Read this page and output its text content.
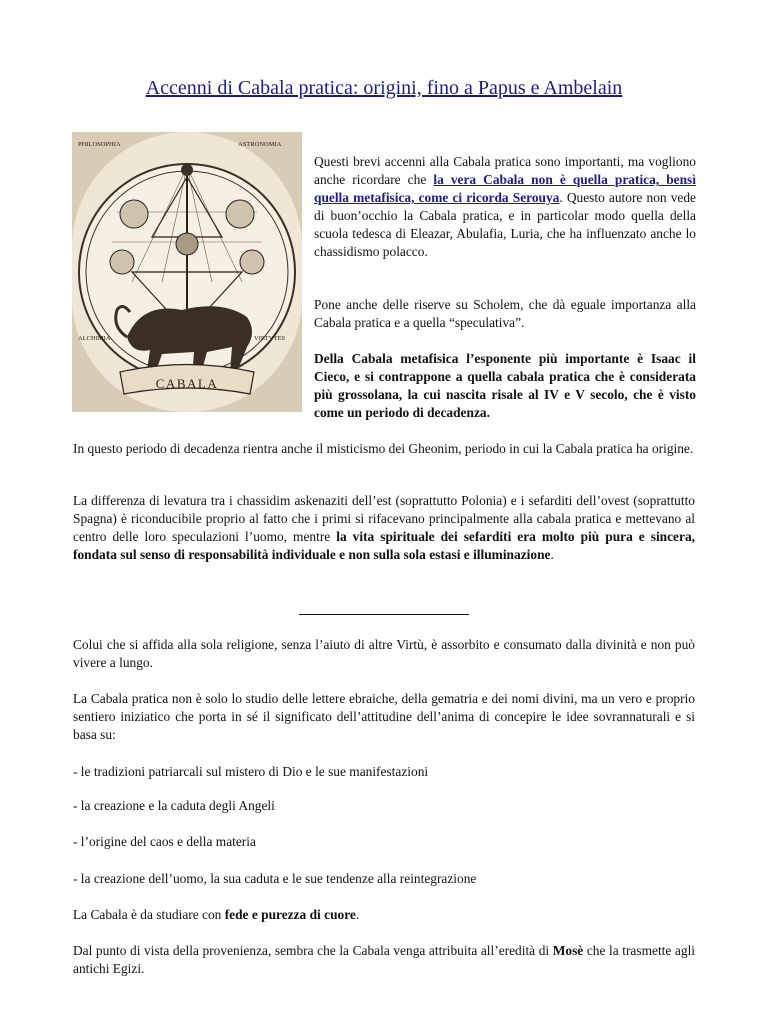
Accenni di Cabala pratica: origini, fino a Papus e Ambelain
PHILOSOPHIA	ASTRONOMIA
ALCHIMIA	VIRTVTES
CABALA

Questi brevi accenni alla Cabala pratica sono importanti, ma vogliono anche ricordare che la vera Cabala non è quella pratica, bensì quella metafisica, come ci ricorda Serouya. Questo autore non vede di buon’occhio la Cabala pratica, e in particolar modo quella della scuola tedesca di Eleazar, Abulafia, Luria, che ha influenzato anche lo chassidismo polacco.

Pone anche delle riserve su Scholem, che dà eguale importanza alla Cabala pratica e a quella “speculativa”.

Della Cabala metafisica l’esponente più importante è Isaac il Cieco, e si contrappone a quella cabala pratica che è considerata più grossolana, la cui nascita risale al IV e V secolo, che è visto come un periodo di decadenza.

In questo periodo di decadenza rientra anche il misticismo dei Gheonim, periodo in cui la Cabala pratica ha origine.

La differenza di levatura tra i chassidim askenaziti dell’est (soprattutto Polonia) e i sefarditi dell’ovest (soprattutto Spagna) è riconducibile proprio al fatto che i primi si rifacevano principalmente alla cabala pratica e mettevano al centro delle loro speculazioni l’uomo, mentre la vita spirituale dei sefarditi era molto più pura e sincera, fondata sul senso di responsabilità individuale e non sulla sola estasi e illuminazione.

Colui che si affida alla sola religione, senza l’aiuto di altre Virtù, è assorbito e consumato dalla divinità e non può vivere a lungo.

La Cabala pratica non è solo lo studio delle lettere ebraiche, della gematria e dei nomi divini, ma un vero e proprio sentiero iniziatico che porta in sé il significato dell’attitudine dell’anima di concepire le idee sovrannaturali e si basa su:

- le tradizioni patriarcali sul mistero di Dio e le sue manifestazioni

- la creazione e la caduta degli Angeli

- l’origine del caos e della materia

- la creazione dell’uomo, la sua caduta e le sue tendenze alla reintegrazione

La Cabala è da studiare con fede e purezza di cuore.

Dal punto di vista della provenienza, sembra che la Cabala venga attribuita all’eredità di Mosè che la trasmette agli antichi Egizi.
